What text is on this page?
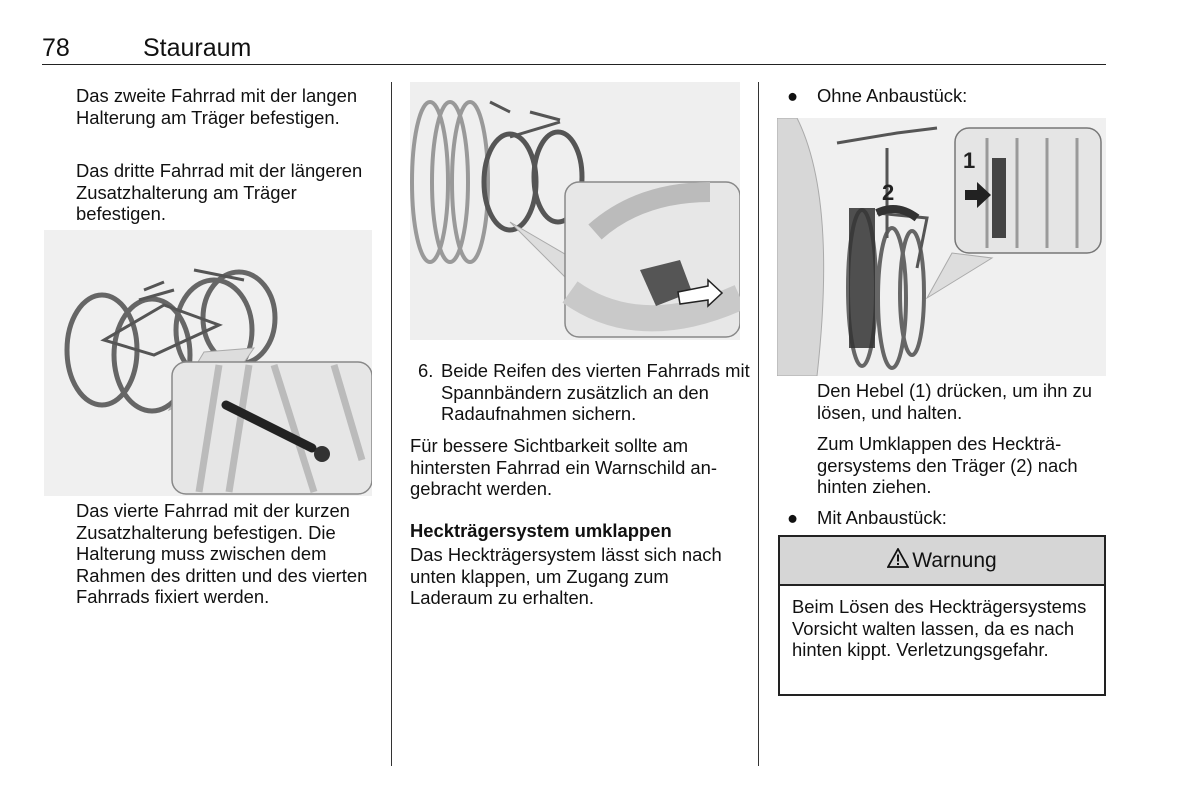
78	Stauraum

Das zweite Fahrrad mit der langen Halterung am Träger befestigen.

Das dritte Fahrrad mit der längeren Zusatzhalterung am Träger befestigen.

Das vierte Fahrrad mit der kurzen Zusatzhalterung befestigen. Die Halterung muss zwischen dem Rahmen des dritten und des vierten Fahrrads fixiert werden.

6. Beide Reifen des vierten Fahrrads mit Spannbändern zusätzlich an den Radaufnahmen sichern.

Für bessere Sichtbarkeit sollte am hintersten Fahrrad ein Warnschild angebracht werden.

Heckträgersystem umklappen

Das Heckträgersystem lässt sich nach unten klappen, um Zugang zum Laderaum zu erhalten.

● Ohne Anbaustück:
2
1

Den Hebel (1) drücken, um ihn zu lösen, und halten.

Zum Umklappen des Heckträgersystems den Träger (2) nach hinten ziehen.

● Mit Anbaustück:
Warnung
Beim Lösen des Heckträgersystems Vorsicht walten lassen, da es nach hinten kippt. Verletzungsgefahr.
